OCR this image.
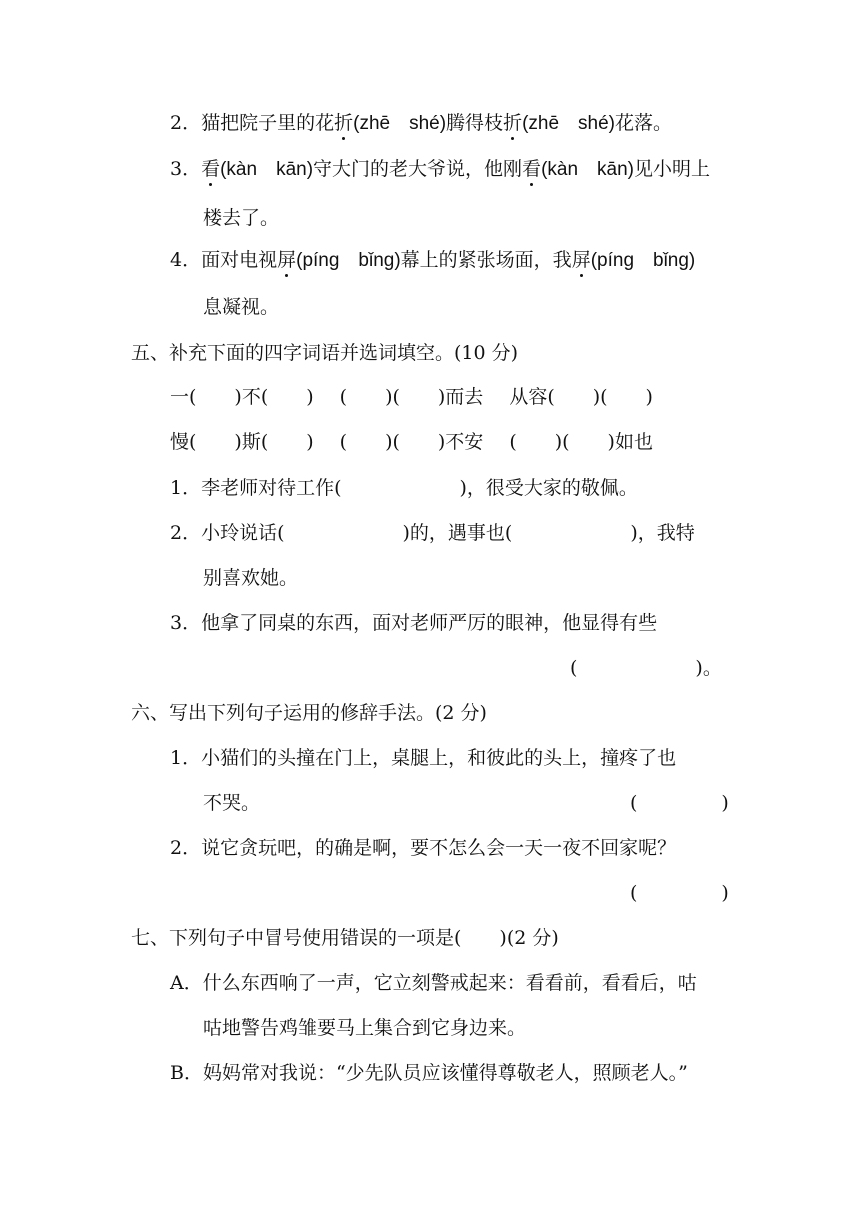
2．猫把院子里的花折(zhē　shé)腾得枝折(zhē　shé)花落。
3．看(kàn　kān)守大门的老大爷说，他刚看(kàn　kān)见小明上
楼去了。
4．面对电视屏(píng　bǐng)幕上的紧张场面，我屏(píng　bǐng)
息凝视。
五、补充下面的四字词语并选词填空。(10 分)
一(　　)不(　　) (　　)(　　)而去 从容(　　)(　　)
慢(　　)斯(　　) (　　)(　　)不安 (　　)(　　)如也
1．李老师对待工作(	)，很受大家的敬佩。
2．小玲说话(	)的，遇事也(	)，我特
别喜欢她。
3．他拿了同桌的东西，面对老师严厉的眼神，他显得有些
(	)。
六、写出下列句子运用的修辞手法。(2 分)
1．小猫们的头撞在门上，桌腿上，和彼此的头上，撞疼了也
不哭。	(	)
2．说它贪玩吧，的确是啊，要不怎么会一天一夜不回家呢？
(	)
七、下列句子中冒号使用错误的一项是(　　)(2 分)
A．什么东西响了一声，它立刻警戒起来：看看前，看看后，咕
咕地警告鸡雏要马上集合到它身边来。
B．妈妈常对我说：“少先队员应该懂得尊敬老人，照顾老人。”
